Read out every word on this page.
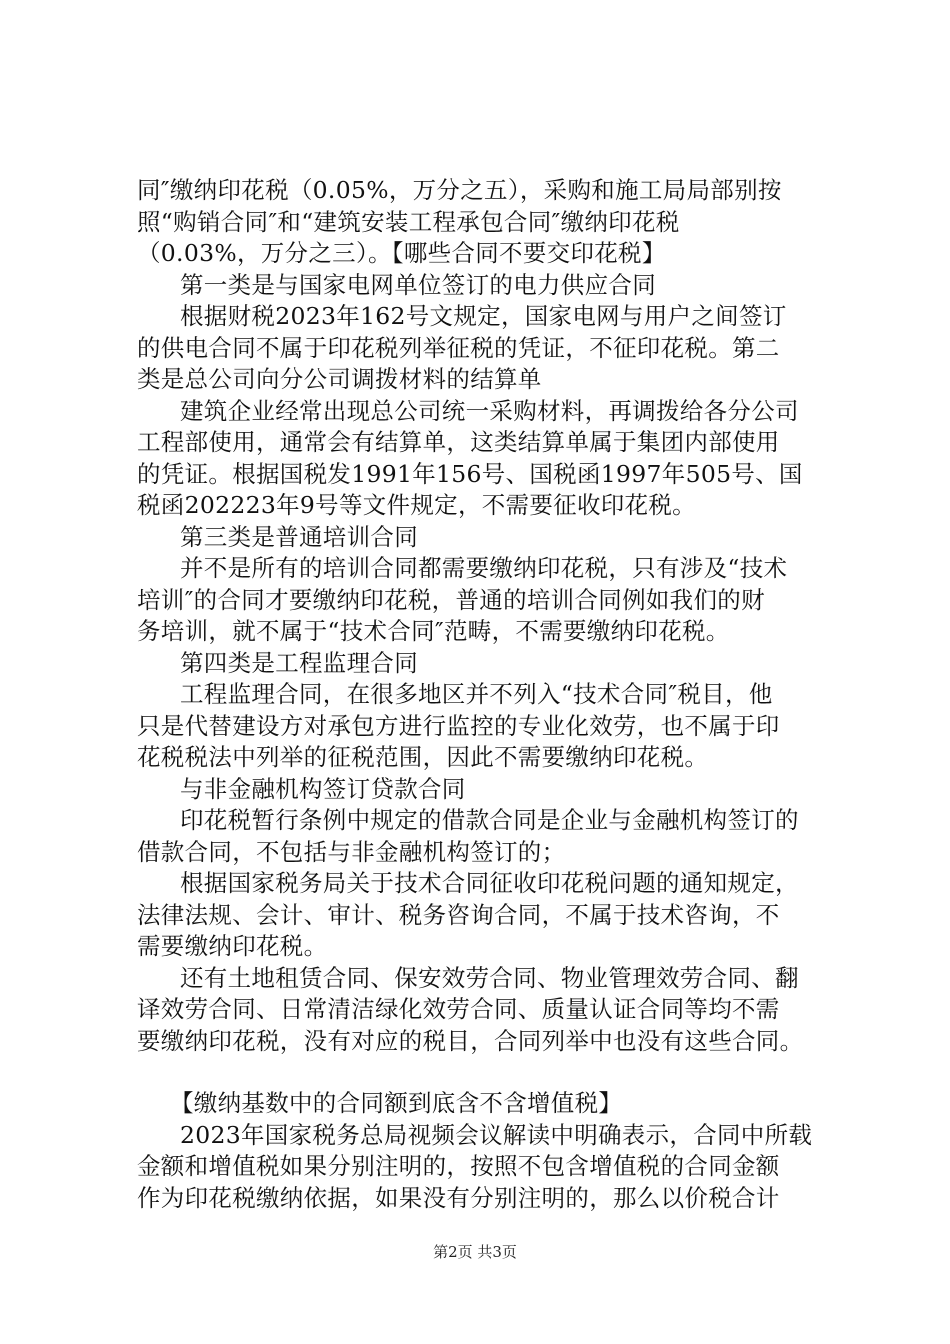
同″缴纳印花税（0.05%，万分之五），采购和施工局局部别按
照“购销合同″和“建筑安装工程承包合同″缴纳印花税
（0.03%，万分之三）。【哪些合同不要交印花税】
第一类是与国家电网单位签订的电力供应合同
根据财税2023年162号文规定，国家电网与用户之间签订
的供电合同不属于印花税列举征税的凭证，不征印花税。第二
类是总公司向分公司调拨材料的结算单
建筑企业经常出现总公司统一采购材料，再调拨给各分公司
工程部使用，通常会有结算单，这类结算单属于集团内部使用
的凭证。根据国税发1991年156号、国税函1997年505号、国
税函202223年9号等文件规定，不需要征收印花税。
第三类是普通培训合同
并不是所有的培训合同都需要缴纳印花税，只有涉及“技术
培训″的合同才要缴纳印花税，普通的培训合同例如我们的财
务培训，就不属于“技术合同″范畴，不需要缴纳印花税。
第四类是工程监理合同
工程监理合同，在很多地区并不列入“技术合同″税目，他
只是代替建设方对承包方进行监控的专业化效劳，也不属于印
花税税法中列举的征税范围，因此不需要缴纳印花税。
与非金融机构签订贷款合同
印花税暂行条例中规定的借款合同是企业与金融机构签订的
借款合同，不包括与非金融机构签订的；
根据国家税务局关于技术合同征收印花税问题的通知规定，
法律法规、会计、审计、税务咨询合同，不属于技术咨询，不
需要缴纳印花税。
还有土地租赁合同、保安效劳合同、物业管理效劳合同、翻
译效劳合同、日常清洁绿化效劳合同、质量认证合同等均不需
要缴纳印花税，没有对应的税目，合同列举中也没有这些合同。
【缴纳基数中的合同额到底含不含增值税】
2023年国家税务总局视频会议解读中明确表示，合同中所载
金额和增值税如果分别注明的，按照不包含增值税的合同金额
作为印花税缴纳依据，如果没有分别注明的，那么以价税合计
第2页 共3页
